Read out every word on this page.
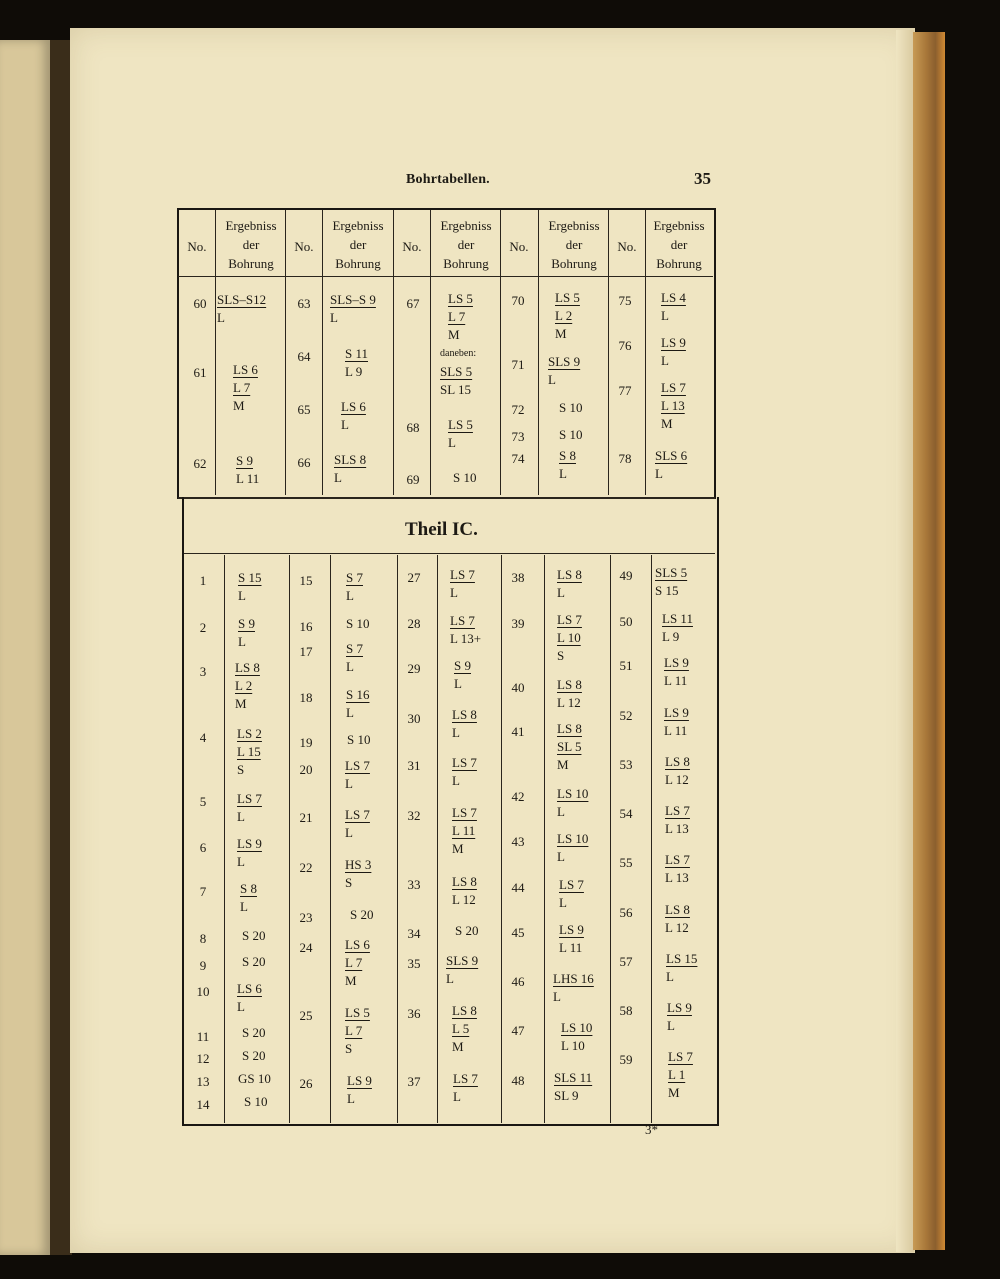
Bohrtabellen.	35
No.
Ergebniss
der
Bohrung
No.
Ergebniss
der
Bohrung
No.
Ergebniss
der
Bohrung
No.
Ergebniss
der
Bohrung
No.
Ergebniss
der
Bohrung
Theil IC.
60
61
62
63
64
65
66
67
68
69
70
71
72
73
74
75
76
77
78
SLS–S12
L
LS 6
L 7
M
S 9
L 11
SLS–S 9
L
S 11
L 9
LS 6
L
SLS 8
L
LS 5
L 7
M
daneben:
SLS 5
SL 15
LS 5
L
S 10
LS 5
L 2
M
SLS 9
L
S 10
S 10
S 8
L
LS 4
L
LS 9
L
LS 7
L 13
M
SLS 6
L
1
2
3
4
5
6
7
8
9
10
11
12
13
14
15
16
17
18
19
20
21
22
23
24
25
26
27
28
29
30
31
32
33
34
35
36
37
38
39
40
41
42
43
44
45
46
47
48
49
50
51
52
53
54
55
56
57
58
59
S 15
L
S 9
L
LS 8
L 2
M
LS 2
L 15
S
LS 7
L
LS 9
L
S 8
L
S 20
S 20
LS 6
L
S 20
S 20
GS 10
S 10
S 7
L
S 10
S 7
L
S 16
L
S 10
LS 7
L
LS 7
L
HS 3
S
S 20
LS 6
L 7
M
LS 5
L 7
S
LS 9
L
LS 7
L
LS 7
L 13+
S 9
L
LS 8
L
LS 7
L
LS 7
L 11
M
LS 8
L 12
S 20
SLS 9
L
LS 8
L 5
M
LS 7
L
LS 8
L
LS 7
L 10
S
LS 8
L 12
LS 8
SL 5
M
LS 10
L
LS 10
L
LS 7
L
LS 9
L 11
LHS 16
L
LS 10
L 10
SLS 11
SL 9
SLS 5
S 15
LS 11
L 9
LS 9
L 11
LS 9
L 11
LS 8
L 12
LS 7
L 13
LS 7
L 13
LS 8
L 12
LS 15
L
LS 9
L
LS 7
L 1
M
3*
